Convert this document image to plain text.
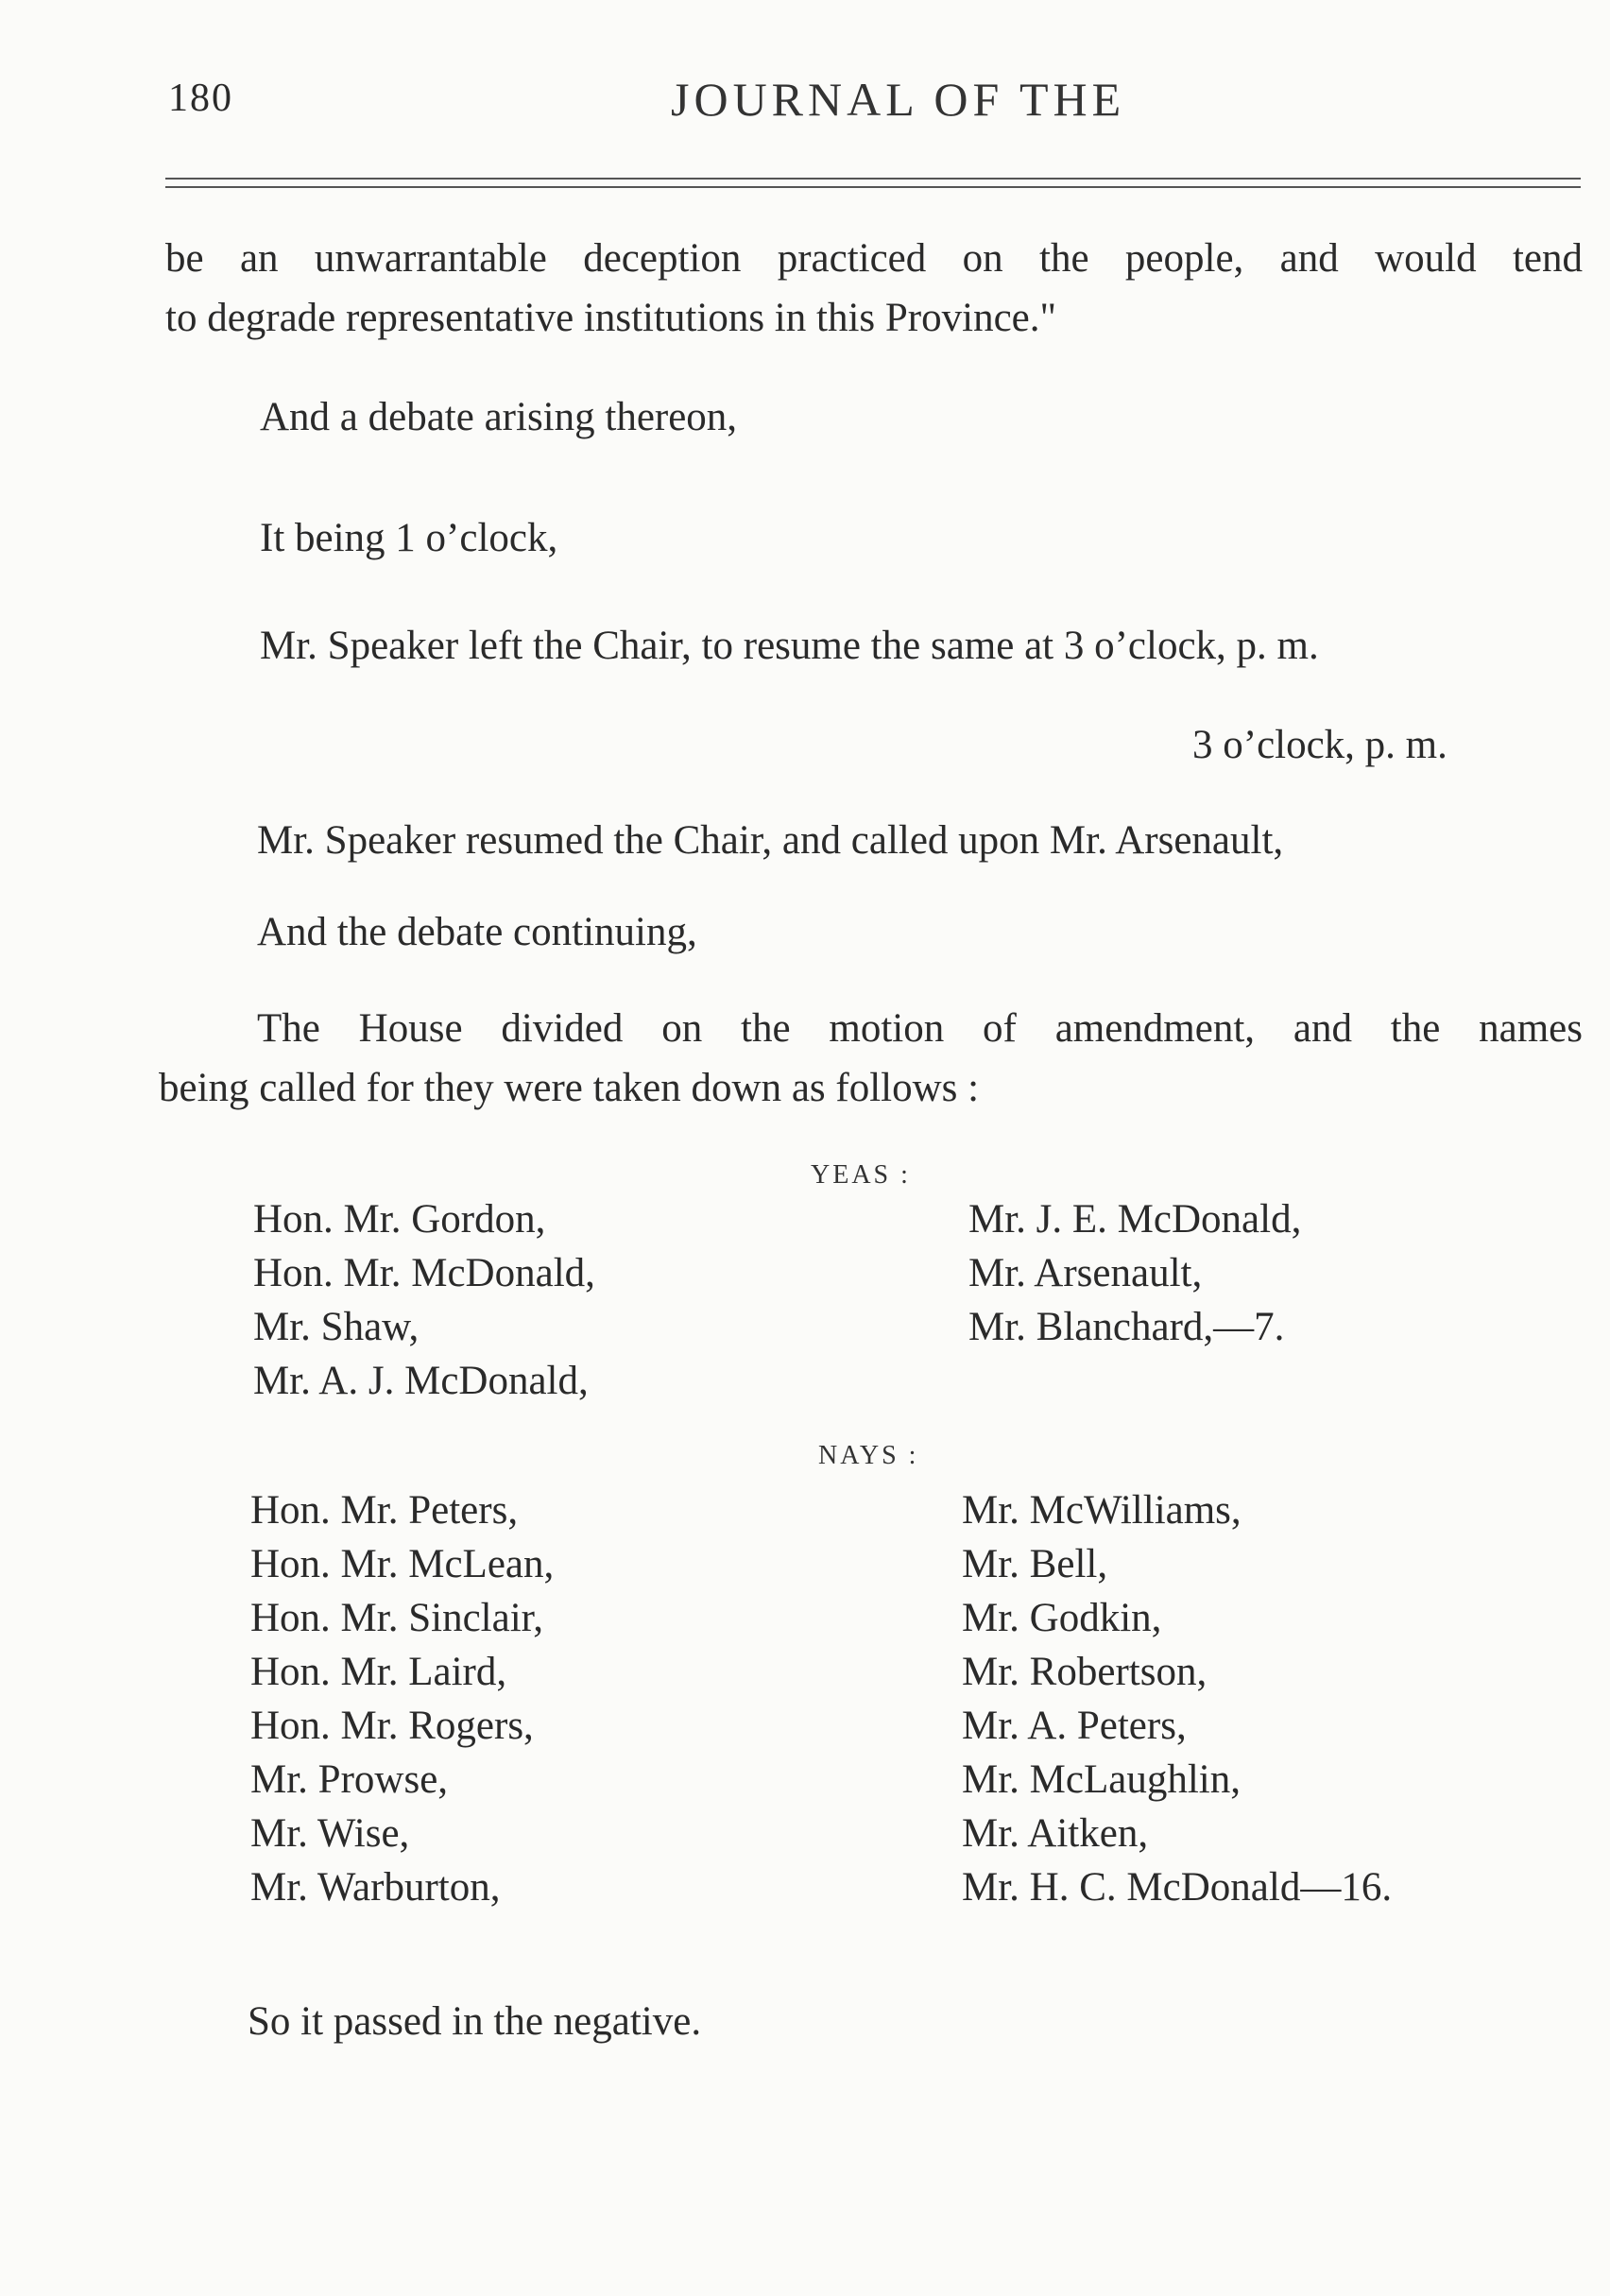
180	JOURNAL OF THE

be an unwarrantable deception practiced on the people, and would tend

to degrade representative institutions in this Province."

And a debate arising thereon,

It being 1 o’clock,

Mr. Speaker left the Chair, to resume the same at 3 o’clock, p. m.

3 o’clock, p. m.

Mr. Speaker resumed the Chair, and called upon Mr. Arsenault,

And the debate continuing,

The House divided on the motion of amendment, and the names

being called for they were taken down as follows :

YEAS :
Hon. Mr. Gordon,
Hon. Mr. McDonald,
Mr. Shaw,
Mr. A. J. McDonald,
Mr. J. E. McDonald,
Mr. Arsenault,
Mr. Blanchard,—7.
NAYS :
Hon. Mr. Peters,
Hon. Mr. McLean,
Hon. Mr. Sinclair,
Hon. Mr. Laird,
Hon. Mr. Rogers,
Mr. Prowse,
Mr. Wise,
Mr. Warburton,
Mr. McWilliams,
Mr. Bell,
Mr. Godkin,
Mr. Robertson,
Mr. A. Peters,
Mr. McLaughlin,
Mr. Aitken,
Mr. H. C. McDonald—16.

So it passed in the negative.
